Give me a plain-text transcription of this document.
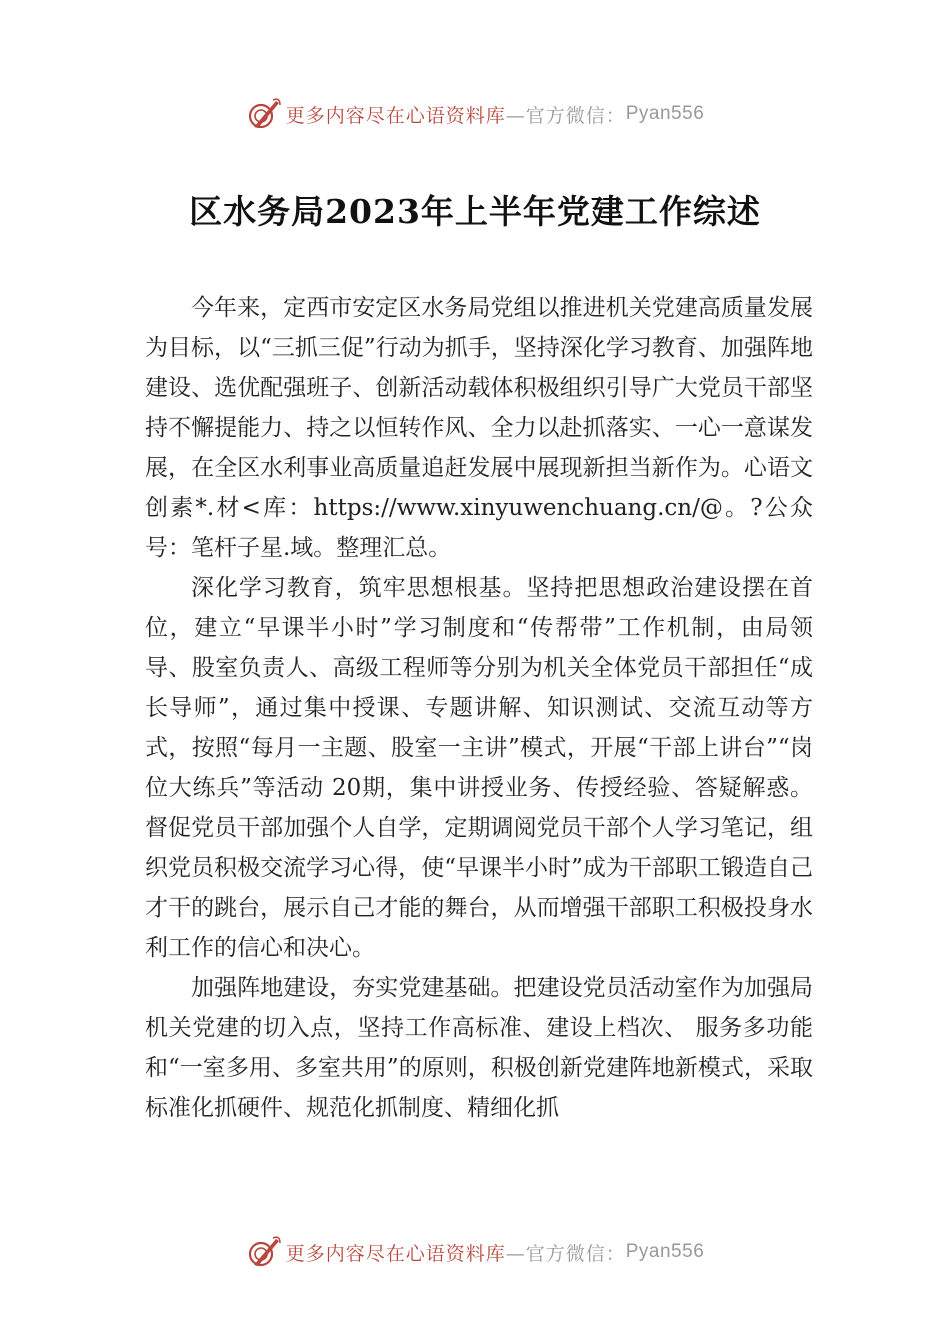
更多内容尽在心语资料库 —官方微信： Pyan556
区水务局2023年上半年党建工作综述

今年来，定西市安定区水务局党组以推进机关党建高质量发展为目标，以“三抓三促”行动为抓手，坚持深化学习教育、加强阵地建设、选优配强班子、创新活动载体积极组织引导广大党员干部坚持不懈提能力、持之以恒转作风、全力以赴抓落实、一心一意谋发展，在全区水利事业高质量追赶发展中展现新担当新作为。心语文创素*.材<库：https://www.xinyuwenchuang.cn/@。?公众号：笔杆子星.域。整理汇总。

深化学习教育，筑牢思想根基。坚持把思想政治建设摆在首位，建立“早课半小时”学习制度和“传帮带”工作机制，由局领导、股室负责人、高级工程师等分别为机关全体党员干部担任“成长导师”，通过集中授课、专题讲解、知识测试、交流互动等方式，按照“每月一主题、股室一主讲”模式，开展“干部上讲台”“岗位大练兵”等活动 20期，集中讲授业务、传授经验、答疑解惑。督促党员干部加强个人自学，定期调阅党员干部个人学习笔记，组织党员积极交流学习心得，使“早课半小时”成为干部职工锻造自己才干的跳台，展示自己才能的舞台，从而增强干部职工积极投身水利工作的信心和决心。

加强阵地建设，夯实党建基础。把建设党员活动室作为加强局机关党建的切入点，坚持工作高标准、建设上档次、 服务多功能和“一室多用、多室共用”的原则，积极创新党建阵地新模式，采取标准化抓硬件、规范化抓制度、精细化抓

更多内容尽在心语资料库 —官方微信： Pyan556
